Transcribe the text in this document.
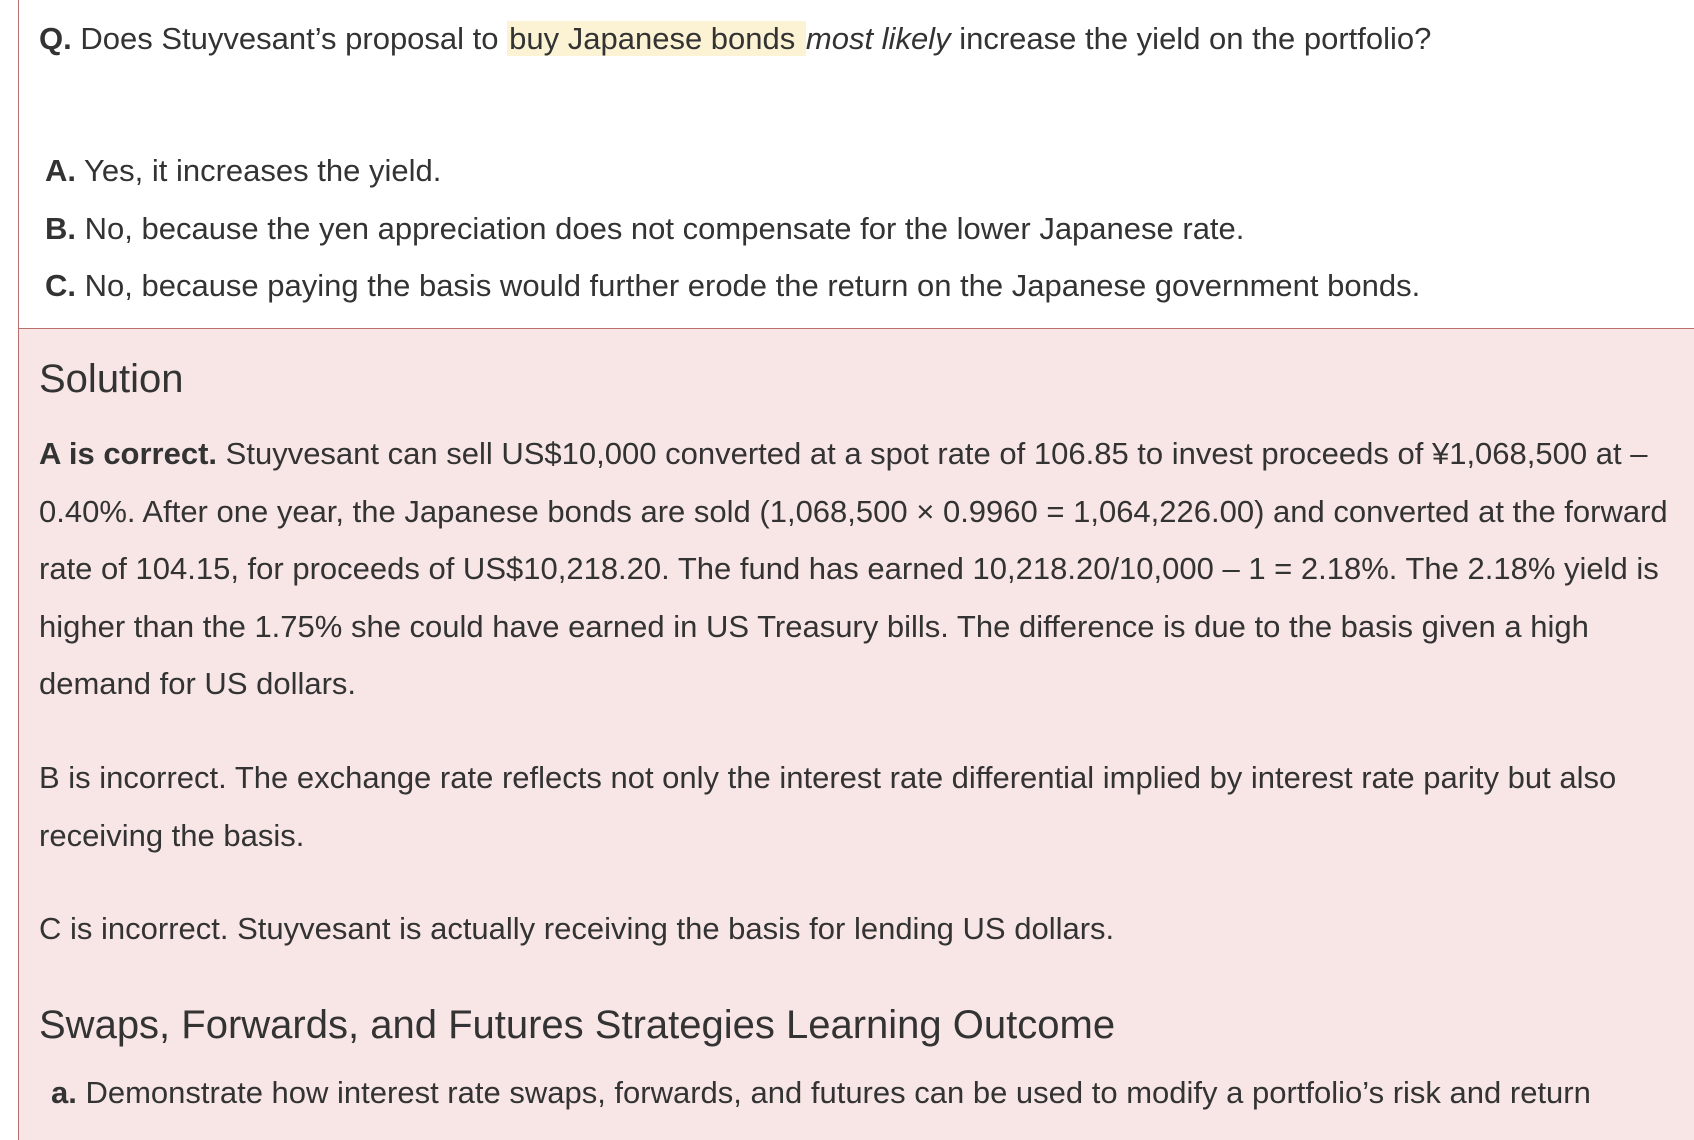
Q. Does Stuyvesant’s proposal to buy Japanese bonds most likely increase the yield on the portfolio?
A. Yes, it increases the yield.
B. No, because the yen appreciation does not compensate for the lower Japanese rate.
C. No, because paying the basis would further erode the return on the Japanese government bonds.
Solution

A is correct. Stuyvesant can sell US$10,000 converted at a spot rate of 106.85 to invest proceeds of ¥1,068,500 at –0.40%. After one year, the Japanese bonds are sold (1,068,500 × 0.9960 = 1,064,226.00) and converted at the forward rate of 104.15, for proceeds of US$10,218.20. The fund has earned 10,218.20/10,000 – 1 = 2.18%. The 2.18% yield is higher than the 1.75% she could have earned in US Treasury bills. The difference is due to the basis given a high demand for US dollars.

B is incorrect. The exchange rate reflects not only the interest rate differential implied by interest rate parity but also receiving the basis.

C is incorrect. Stuyvesant is actually receiving the basis for lending US dollars.

Swaps, Forwards, and Futures Strategies Learning Outcome
a. Demonstrate how interest rate swaps, forwards, and futures can be used to modify a portfolio’s risk and return
